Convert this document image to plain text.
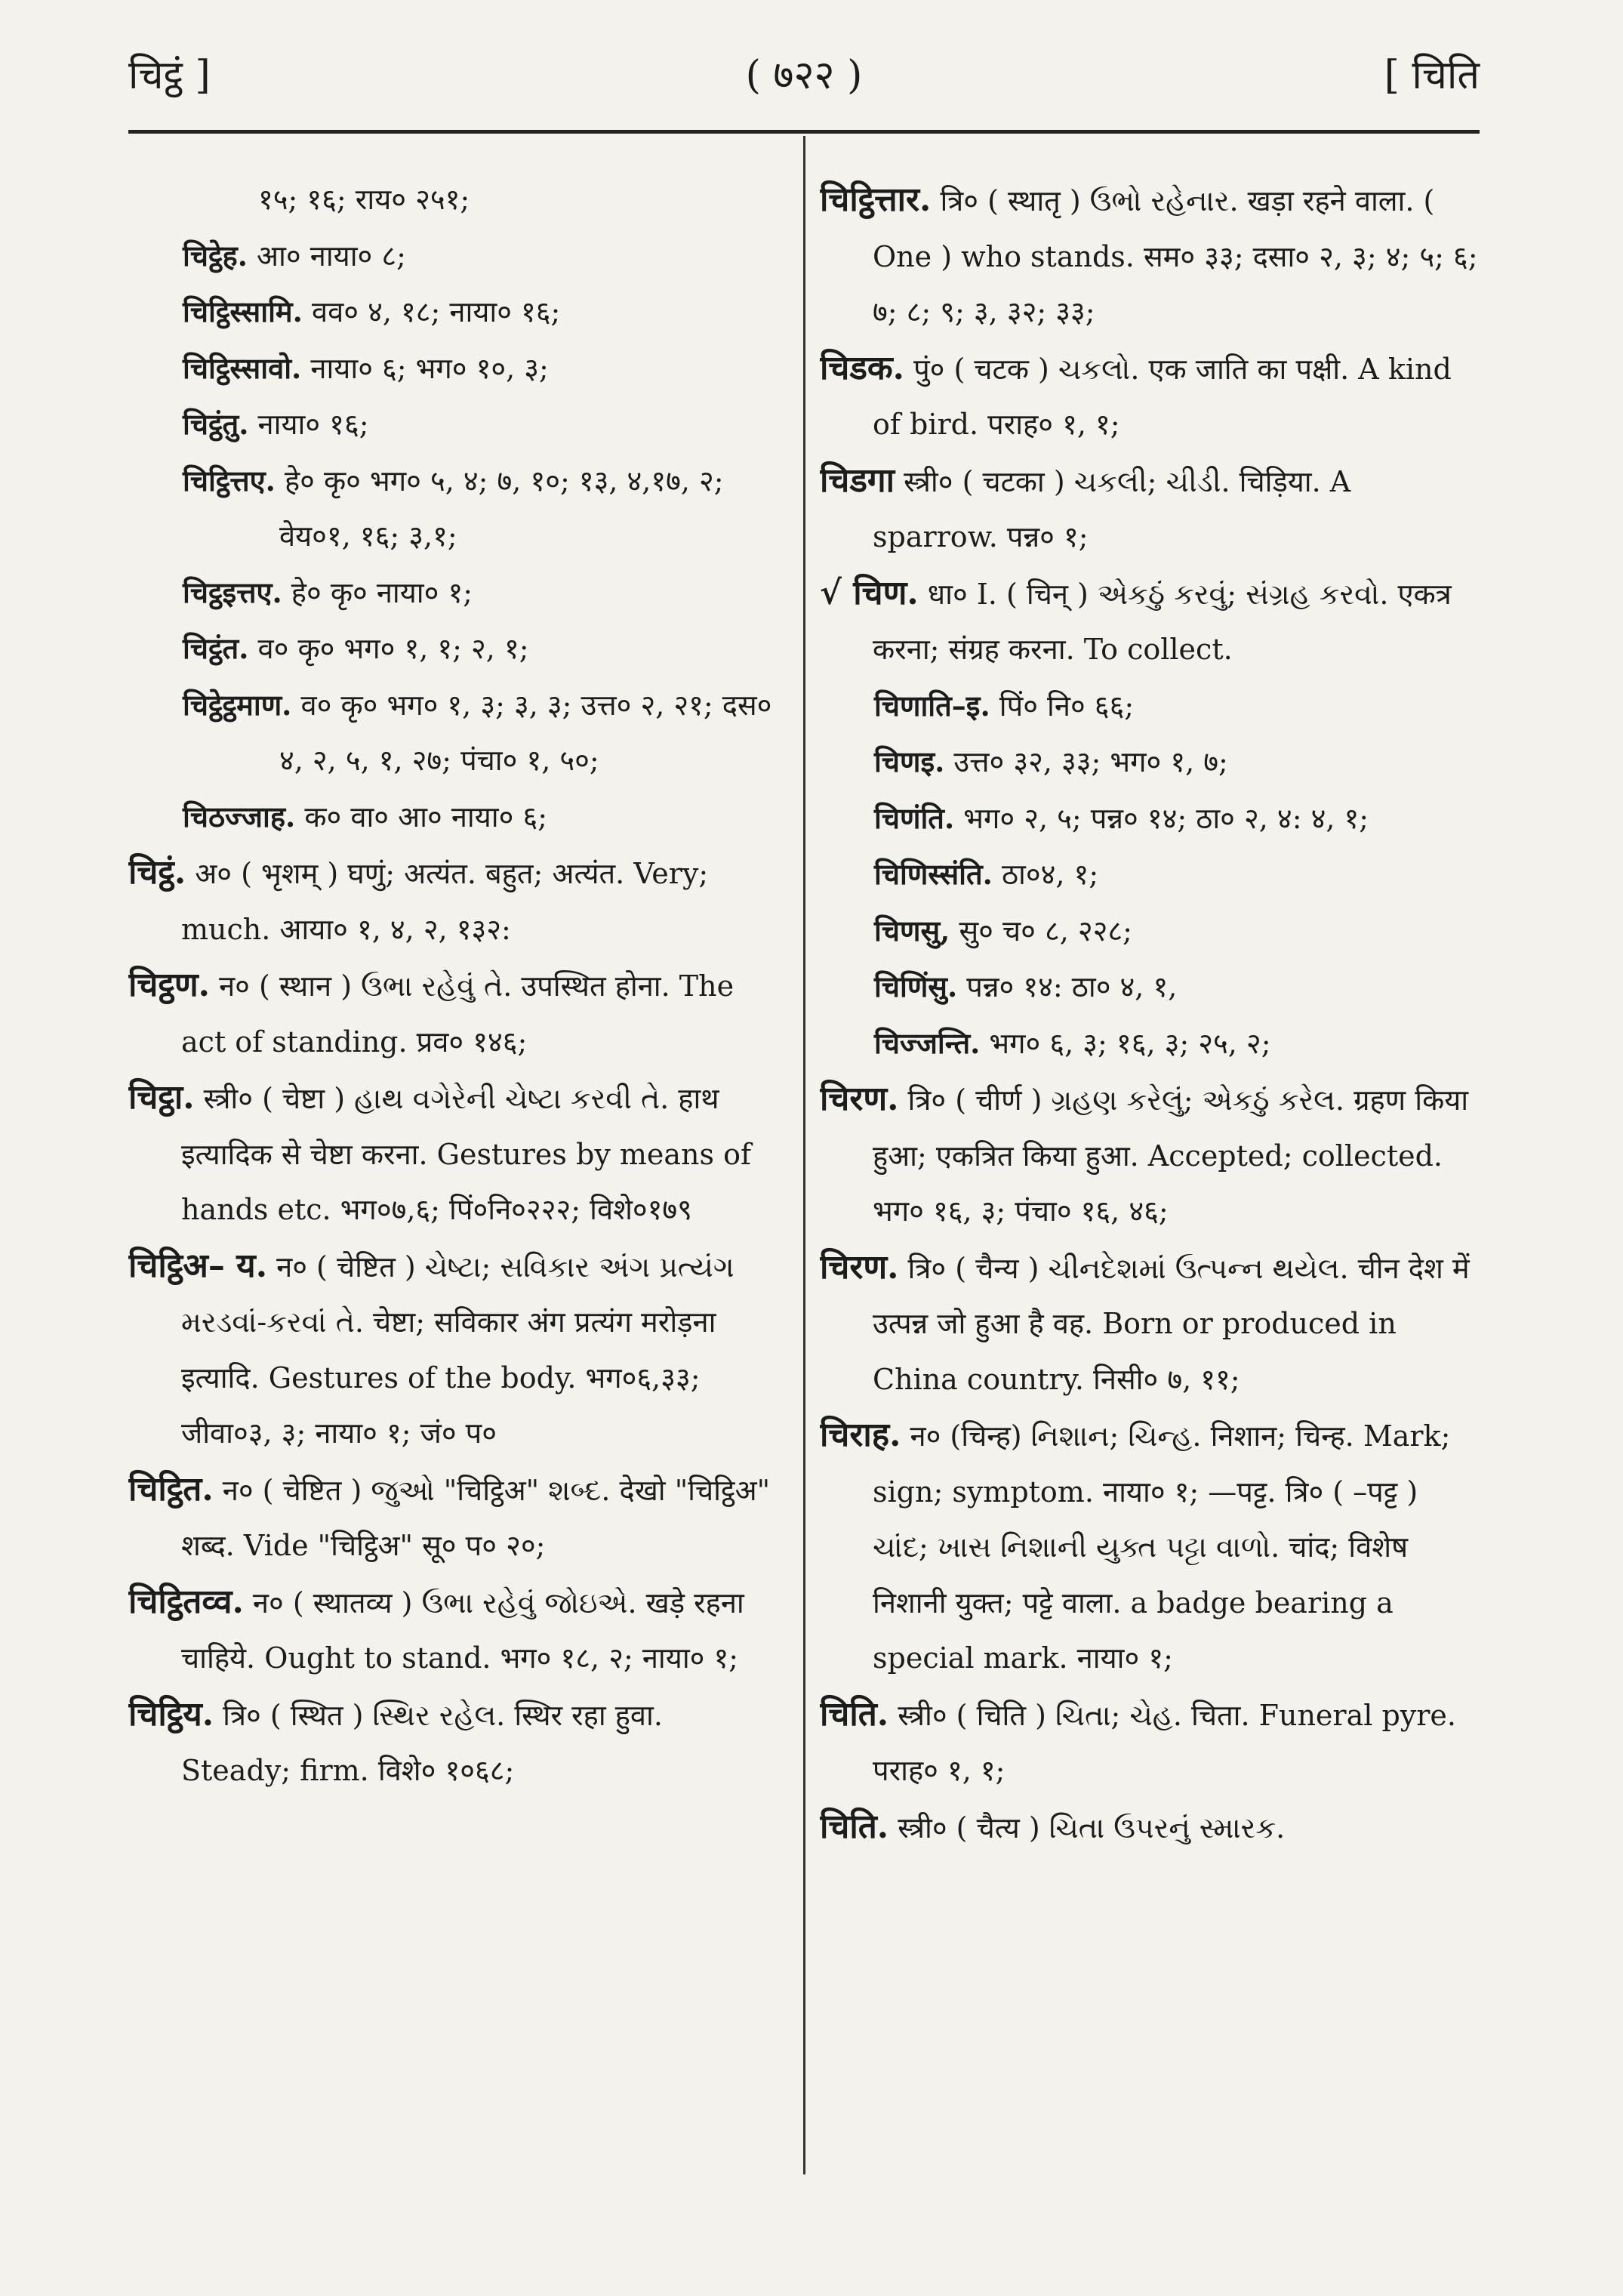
चिट्ठं ]	( ७२२ )	[ चिति

१५; १६; राय० २५१;

चिट्ठेह. आ० नाया० ८;

चिट्ठिस्सामि. वव० ४, १८; नाया० १६;

चिट्ठिस्सावो. नाया० ६; भग० १०, ३;

चिट्ठंतु. नाया० १६;

चिट्ठित्तए. हे० कृ० भग० ५, ४; ७, १०; १३, ४,१७, २; वेय०१, १६; ३,१;

चिट्ठइत्तए. हे० कृ० नाया० १;

चिट्ठंत. व० कृ० भग० १, १; २, १;

चिट्ठेट्ठमाण. व० कृ० भग० १, ३; ३, ३; उत्त० २, २१; दस० ४, २, ५, १, २७; पंचा० १, ५०;

चिठज्जाह. क० वा० आ० नाया० ६;

चिट्ठं. अ० ( भृशम् ) घणुं; अत्यंत. बहुत; अत्यंत. Very; much. आया० १, ४, २, १३२:

चिट्ठण. न० ( स्थान ) ઉભા રહેવું તે. उपस्थित होना. The act of standing. प्रव० १४६;

चिट्ठा. स्त्री० ( चेष्टा ) હાથ વગેરેની ચેષ્ટા કરવી તે. हाथ इत्यादिक से चेष्टा करना. Gestures by means of hands etc. भग०७,६; पिं०नि०२२२; विशे०१७९

चिट्ठिअ– य. न० ( चेष्टित ) ચેષ્ટા; સવિકાર અંગ પ્રત્યંગ મરડવાં-કરવાં તે. चेष्टा; सविकार अंग प्रत्यंग मरोड़ना इत्यादि. Gestures of the body. भग०६,३३; जीवा०३, ३; नाया० १; जं० प०

चिट्ठित. न० ( चेष्टित ) જુઓ "चिट्ठिअ" શબ્દ. देखो "चिट्ठिअ" शब्द. Vide "चिट्ठिअ" सू० प० २०;

चिट्ठितव्व. न० ( स्थातव्य ) ઉભા રહેવું જોઇએ. खड़े रहना चाहिये. Ought to stand. भग० १८, २; नाया० १;

चिट्ठिय. त्रि० ( स्थित ) સ્થિર રહેલ. स्थिर रहा हुवा. Steady; firm. विशे० १०६८;

चिट्ठित्तार. त्रि० ( स्थातृ ) ઉભો રહેનાર. खड़ा रहने वाला. ( One ) who stands. सम० ३३; दसा० २, ३; ४; ५; ६; ७; ८; ९; ३, ३२; ३३;

चिडक. पुं० ( चटक ) ચકલો. एक जाति का पक्षी. A kind of bird. पराह० १, १;

चिडगा स्त्री० ( चटका ) ચકલી; ચીડી. चिड़िया. A sparrow. पन्न० १;

√ चिण. धा० I. ( चिन् ) એકઠું કરવું; સંગ્રહ કરવો. एकत्र करना; संग्रह करना. To collect.

चिणाति–इ. पिं० नि० ६६;

चिणइ. उत्त० ३२, ३३; भग० १, ७;

चिणंति. भग० २, ५; पन्न० १४; ठा० २, ४: ४, १;

चिणिस्संति. ठा०४, १;

चिणसु, सु० च० ८, २२८;

चिणिंसु. पन्न० १४: ठा० ४, १,

चिज्जन्ति. भग० ६, ३; १६, ३; २५, २;

चिरण. त्रि० ( चीर्ण ) ગ્રહણ કરેલું; એકઠું કરેલ. ग्रहण किया हुआ; एकत्रित किया हुआ. Accepted; collected. भग० १६, ३; पंचा० १६, ४६;

चिरण. त्रि० ( चैन्य ) ચીનદેશમાં ઉત્પન્ન થયેલ. चीन देश में उत्पन्न जो हुआ है वह. Born or produced in China country. निसी० ७, ११;

चिराह. न० (चिन्ह) નિશાન; ચિન્હ. निशान; चिन्ह. Mark; sign; symptom. नाया० १; —पट्ट. त्रि० ( –पट्ट ) ચાંદ; ખાસ નિશાની યુક્ત પટ્ટા વાળો. चांद; विशेष निशानी युक्त; पट्टे वाला. a badge bearing a special mark. नाया० १;

चिति. स्त्री० ( चिति ) ચિતા; ચેહ. चिता. Funeral pyre. पराह० १, १;

चिति. स्त्री० ( चैत्य ) ચિતા ઉપરનું સ્મારક.
